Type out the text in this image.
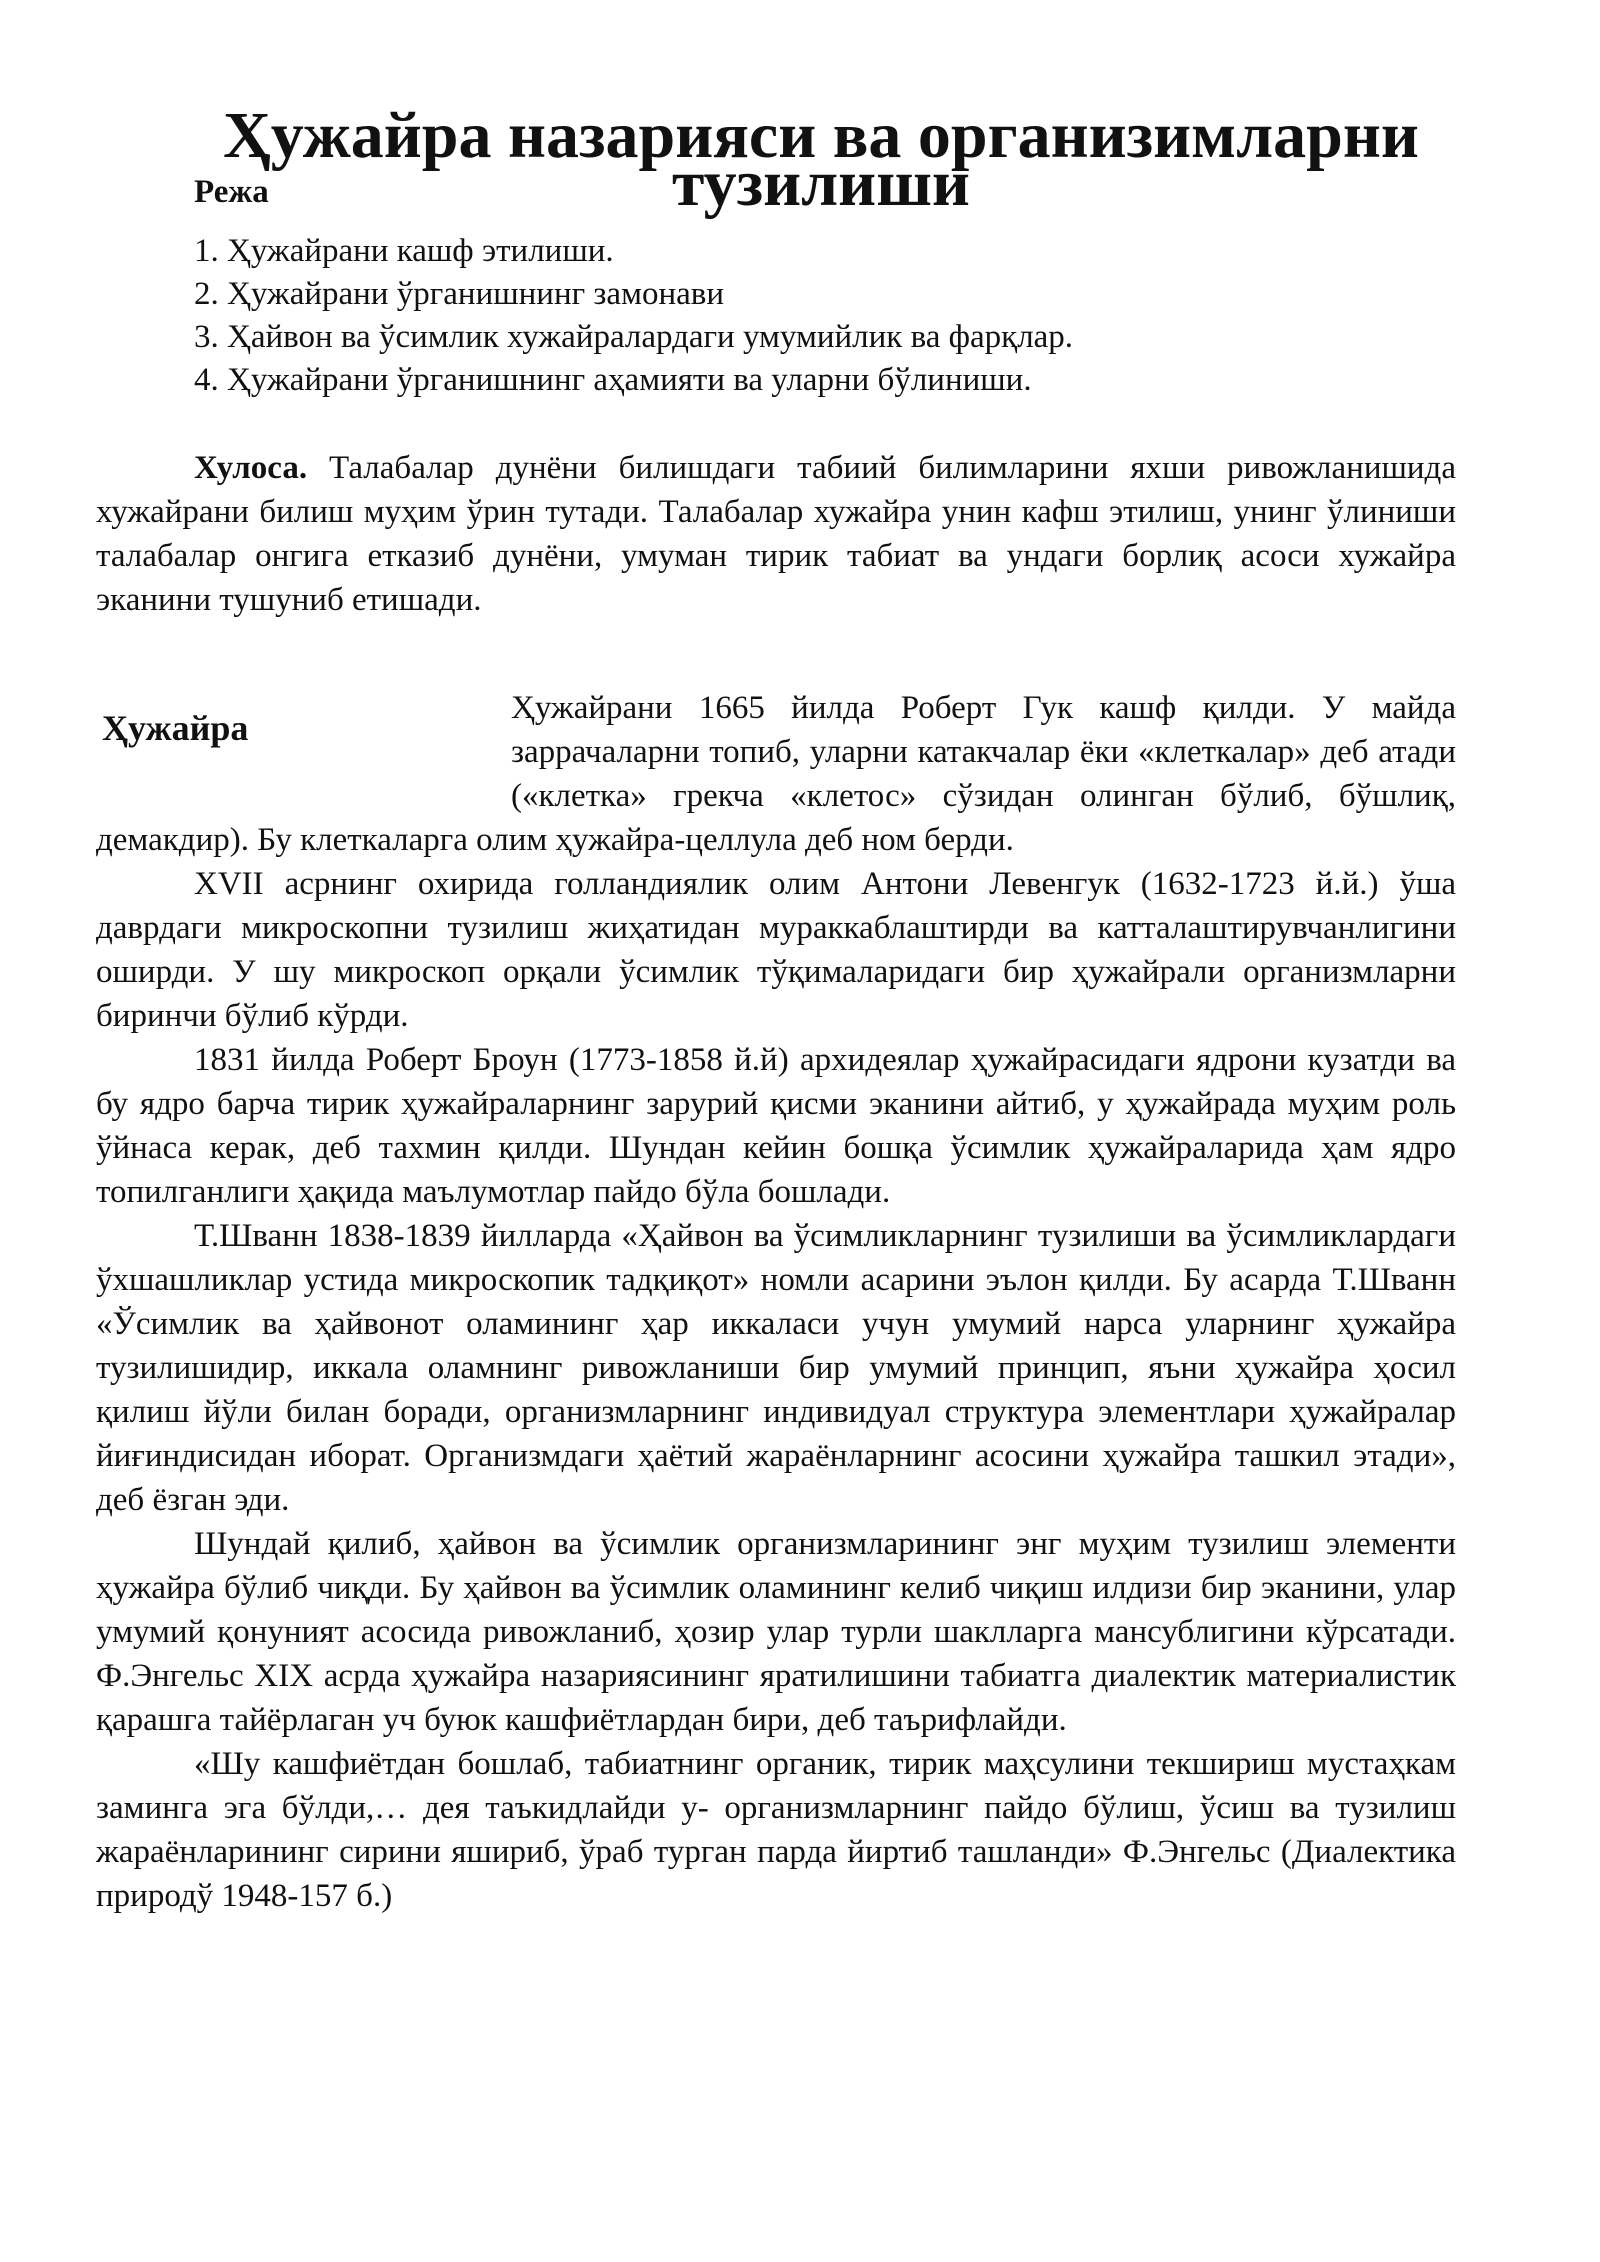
Ҳужайра назарияси ва организимларни тузилиши
Режа
1. Ҳужайрани кашф этилиши.
2. Ҳужайрани ўрганишнинг замонави
3. Ҳайвон ва ўсимлик хужайралардаги умумийлик ва фарқлар.
4. Ҳужайрани ўрганишнинг аҳамияти ва уларни бўлиниши.

Хулоса. Талабалар дунёни билишдаги табиий билимларини яхши ривожланишида хужайрани билиш муҳим ўрин тутади. Талабалар хужайра унин кафш этилиш, унинг ўлиниши талабалар онгига етказиб дунёни, умуман тирик табиат ва ундаги борлиқ асоси хужайра эканини тушуниб етишади.

Ҳужайра	Ҳужайрани 1665 йилда Роберт Гук кашф қилди. У майда заррачаларни топиб, уларни катакчалар ёки «клеткалар» деб атади («клетка» грекча «клетос» сўзидан олинган бўлиб, бўшлиқ, демакдир). Бу клеткаларга олим ҳужайра-целлула деб ном берди.

XVII асрнинг охирида голландиялик олим Антони Левенгук (1632-1723 й.й.) ўша даврдаги микроскопни тузилиш жиҳатидан мураккаблаштирди ва катталаштирувчанлигини оширди. У шу микроскоп орқали ўсимлик тўқималаридаги бир ҳужайрали организмларни биринчи бўлиб кўрди.

1831 йилда Роберт Броун (1773-1858 й.й) архидеялар ҳужайрасидаги ядрони кузатди ва бу ядро барча тирик ҳужайраларнинг зарурий қисми эканини айтиб, у ҳужайрада муҳим роль ўйнаса керак, деб тахмин қилди. Шундан кейин бошқа ўсимлик ҳужайраларида ҳам ядро топилганлиги ҳақида маълумотлар пайдо бўла бошлади.

Т.Шванн 1838-1839 йилларда «Ҳайвон ва ўсимликларнинг тузилиши ва ўсимликлардаги ўхшашликлар устида микроскопик тадқиқот» номли асарини эълон қилди. Бу асарда Т.Шванн «Ўсимлик ва ҳайвонот оламининг ҳар иккаласи учун умумий нарса уларнинг ҳужайра тузилишидир, иккала оламнинг ривожланиши бир умумий принцип, яъни ҳужайра ҳосил қилиш йўли билан боради, организмларнинг индивидуал структура элементлари ҳужайралар йиғиндисидан иборат. Организмдаги ҳаётий жараёнларнинг асосини ҳужайра ташкил этади», деб ёзган эди.

Шундай қилиб, ҳайвон ва ўсимлик организмларининг энг муҳим тузилиш элементи ҳужайра бўлиб чиқди. Бу ҳайвон ва ўсимлик оламининг келиб чиқиш илдизи бир эканини, улар умумий қонуният асосида ривожланиб, ҳозир улар турли шаклларга мансублигини кўрсатади. Ф.Энгельс XIX асрда ҳужайра назариясининг яратилишини табиатга диалектик материалистик қарашга тайёрлаган уч буюк кашфиётлардан бири, деб таърифлайди.

«Шу кашфиётдан бошлаб, табиатнинг органик, тирик маҳсулини текшириш мустаҳкам заминга эга бўлди,… дея таъкидлайди у- организмларнинг пайдо бўлиш, ўсиш ва тузилиш жараёнларининг сирини яшириб, ўраб турган парда йиртиб ташланди» Ф.Энгельс (Диалектика природў 1948-157 б.)
